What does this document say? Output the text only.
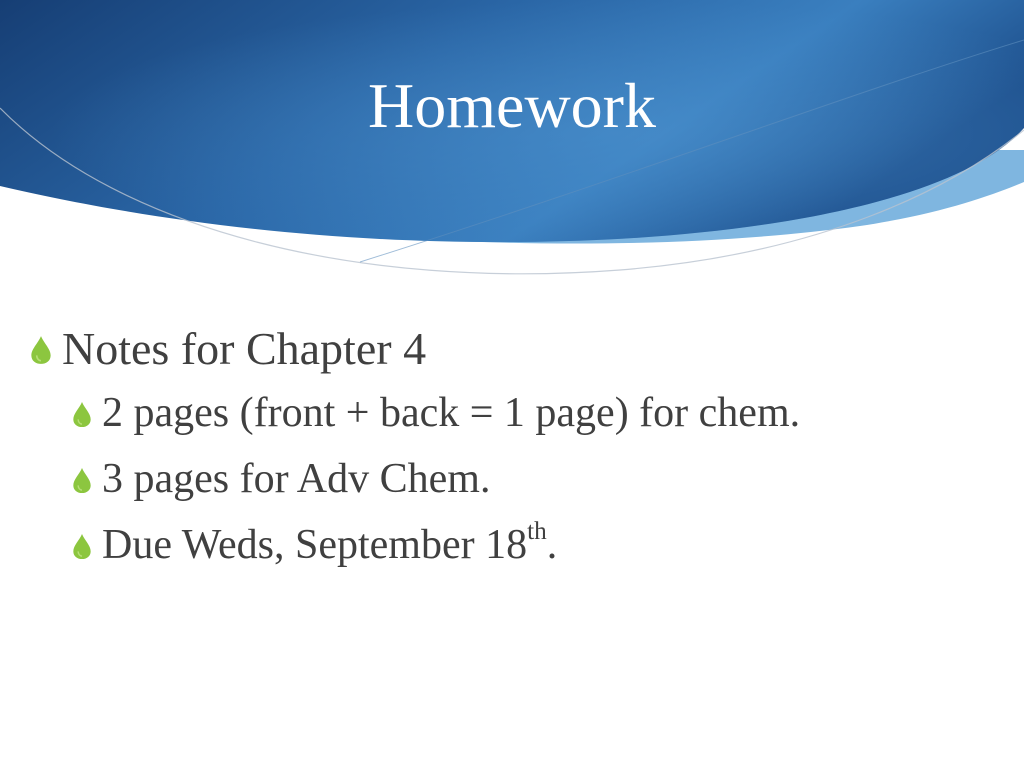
Homework
Notes for Chapter 4
2 pages (front + back = 1 page) for chem.
3 pages for Adv Chem.
Due Weds, September 18th.
